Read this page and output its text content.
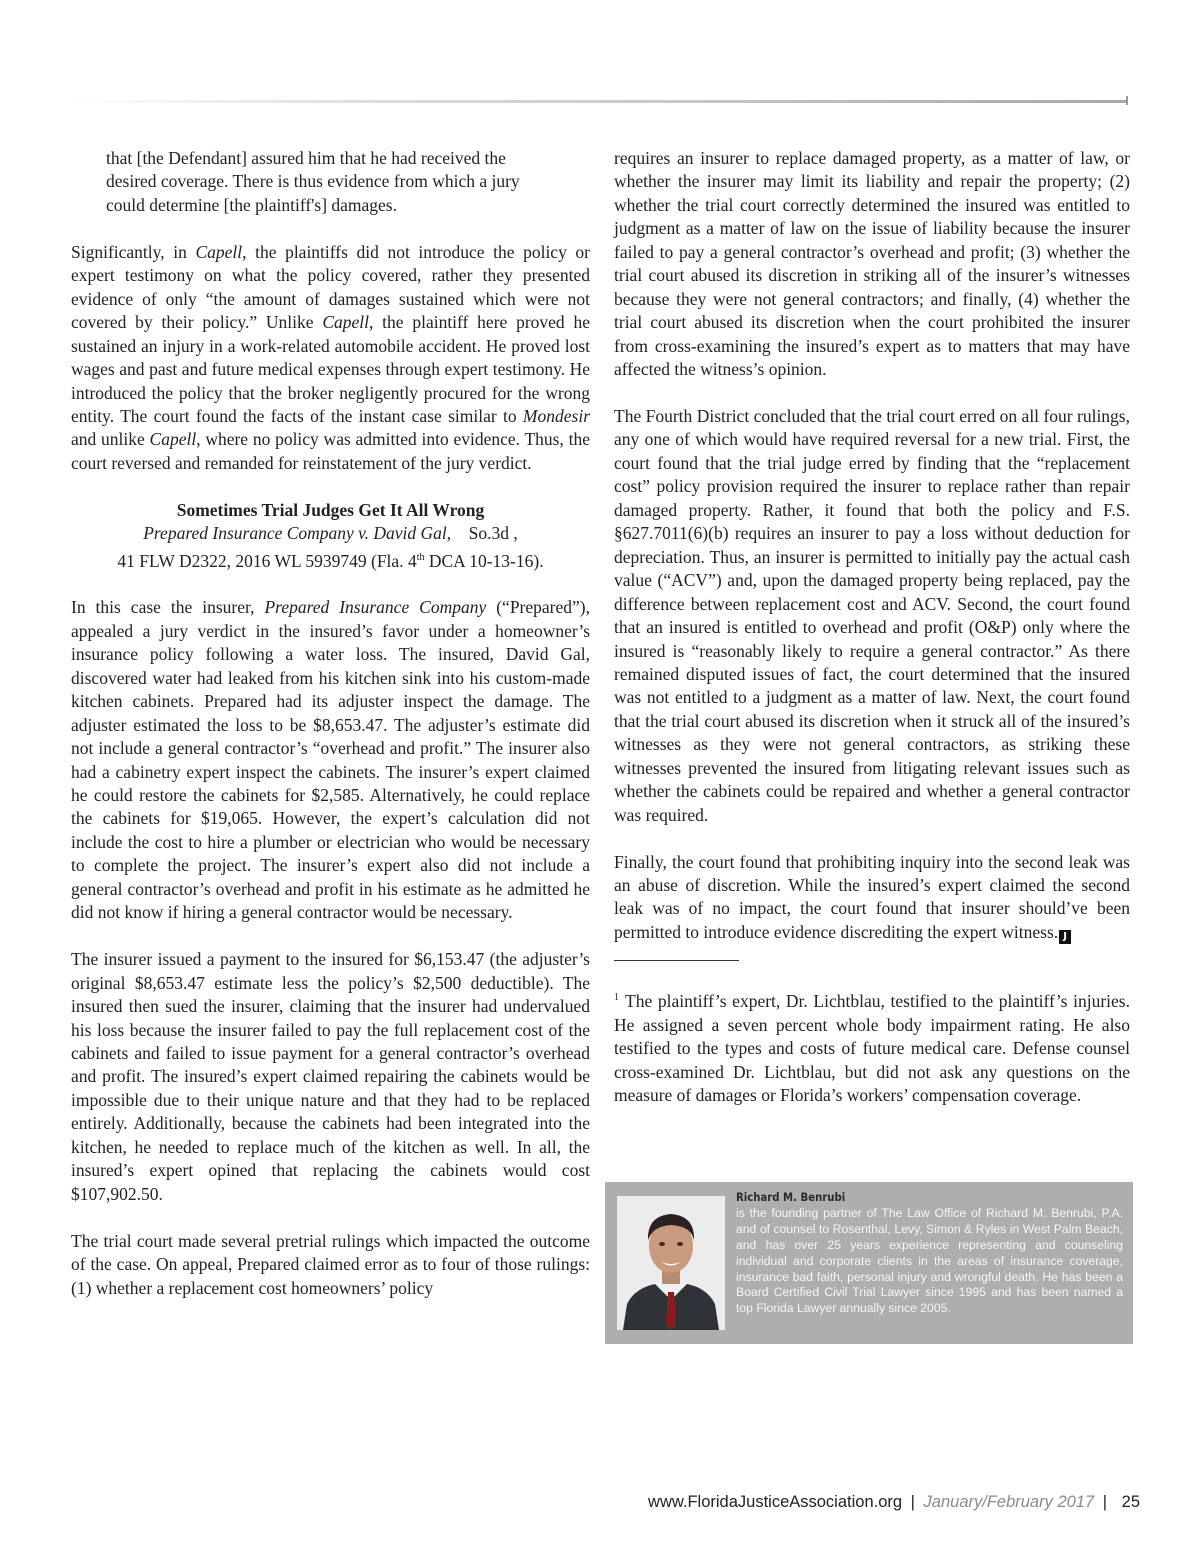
that [the Defendant] assured him that he had received the desired coverage. There is thus evidence from which a jury could determine [the plaintiff's] damages.

Significantly, in Capell, the plaintiffs did not introduce the policy or expert testimony on what the policy covered, rather they presented evidence of only “the amount of damages sustained which were not covered by their policy.” Unlike Capell, the plaintiff here proved he sustained an injury in a work-related automobile accident. He proved lost wages and past and future medical expenses through expert testimony. He introduced the policy that the broker negligently procured for the wrong entity. The court found the facts of the instant case similar to Mondesir and unlike Capell, where no policy was admitted into evidence. Thus, the court reversed and remanded for reinstatement of the jury verdict.

Sometimes Trial Judges Get It All Wrong

Prepared Insurance Company v. David Gal, So.3d ,
41 FLW D2322, 2016 WL 5939749 (Fla. 4th DCA 10-13-16).

In this case the insurer, Prepared Insurance Company (“Prepared”), appealed a jury verdict in the insured’s favor under a homeowner’s insurance policy following a water loss. The insured, David Gal, discovered water had leaked from his kitchen sink into his custom-made kitchen cabinets. Prepared had its adjuster inspect the damage. The adjuster estimated the loss to be $8,653.47. The adjuster’s estimate did not include a general contractor’s “overhead and profit.” The insurer also had a cabinetry expert inspect the cabinets. The insurer’s expert claimed he could restore the cabinets for $2,585. Alternatively, he could replace the cabinets for $19,065. However, the expert’s calculation did not include the cost to hire a plumber or electrician who would be necessary to complete the project. The insurer’s expert also did not include a general contractor’s overhead and profit in his estimate as he admitted he did not know if hiring a general contractor would be necessary.

The insurer issued a payment to the insured for $6,153.47 (the adjuster’s original $8,653.47 estimate less the policy’s $2,500 deductible). The insured then sued the insurer, claiming that the insurer had undervalued his loss because the insurer failed to pay the full replacement cost of the cabinets and failed to issue payment for a general contractor’s overhead and profit. The insured’s expert claimed repairing the cabinets would be impossible due to their unique nature and that they had to be replaced entirely. Additionally, because the cabinets had been integrated into the kitchen, he needed to replace much of the kitchen as well. In all, the insured’s expert opined that replacing the cabinets would cost $107,902.50.

The trial court made several pretrial rulings which impacted the outcome of the case. On appeal, Prepared claimed error as to four of those rulings: (1) whether a replacement cost homeowners’ policy

requires an insurer to replace damaged property, as a matter of law, or whether the insurer may limit its liability and repair the property; (2) whether the trial court correctly determined the insured was entitled to judgment as a matter of law on the issue of liability because the insurer failed to pay a general contractor’s overhead and profit; (3) whether the trial court abused its discretion in striking all of the insurer’s witnesses because they were not general contractors; and finally, (4) whether the trial court abused its discretion when the court prohibited the insurer from cross-examining the insured’s expert as to matters that may have affected the witness’s opinion.

The Fourth District concluded that the trial court erred on all four rulings, any one of which would have required reversal for a new trial. First, the court found that the trial judge erred by finding that the “replacement cost” policy provision required the insurer to replace rather than repair damaged property. Rather, it found that both the policy and F.S. §627.7011(6)(b) requires an insurer to pay a loss without deduction for depreciation. Thus, an insurer is permitted to initially pay the actual cash value (“ACV”) and, upon the damaged property being replaced, pay the difference between replacement cost and ACV. Second, the court found that an insured is entitled to overhead and profit (O&P) only where the insured is “reasonably likely to require a general contractor.” As there remained disputed issues of fact, the court determined that the insured was not entitled to a judgment as a matter of law. Next, the court found that the trial court abused its discretion when it struck all of the insured’s witnesses as they were not general contractors, as striking these witnesses prevented the insured from litigating relevant issues such as whether the cabinets could be repaired and whether a general contractor was required.

Finally, the court found that prohibiting inquiry into the second leak was an abuse of discretion. While the insured’s expert claimed the second leak was of no impact, the court found that insurer should’ve been permitted to introduce evidence discrediting the expert witness. J

$^1$ The plaintiff’s expert, Dr. Lichtblau, testified to the plaintiff’s injuries. He assigned a seven percent whole body impairment rating. He also testified to the types and costs of future medical care. Defense counsel cross-examined Dr. Lichtblau, but did not ask any questions on the measure of damages or Florida’s workers’ compensation coverage.

Richard M. Benrubi
is the founding partner of The Law Office of Richard M. Benrubi, P.A. and of counsel to Rosenthal, Levy, Simon & Ryles in West Palm Beach, and has over 25 years experience representing and counseling individual and corporate clients in the areas of insurance coverage, insurance bad faith, personal injury and wrongful death. He has been a Board Certified Civil Trial Lawyer since 1995 and has been named a top Florida Lawyer annually since 2005.
www.FloridaJusticeAssociation.org | January/February 2017 | 25
